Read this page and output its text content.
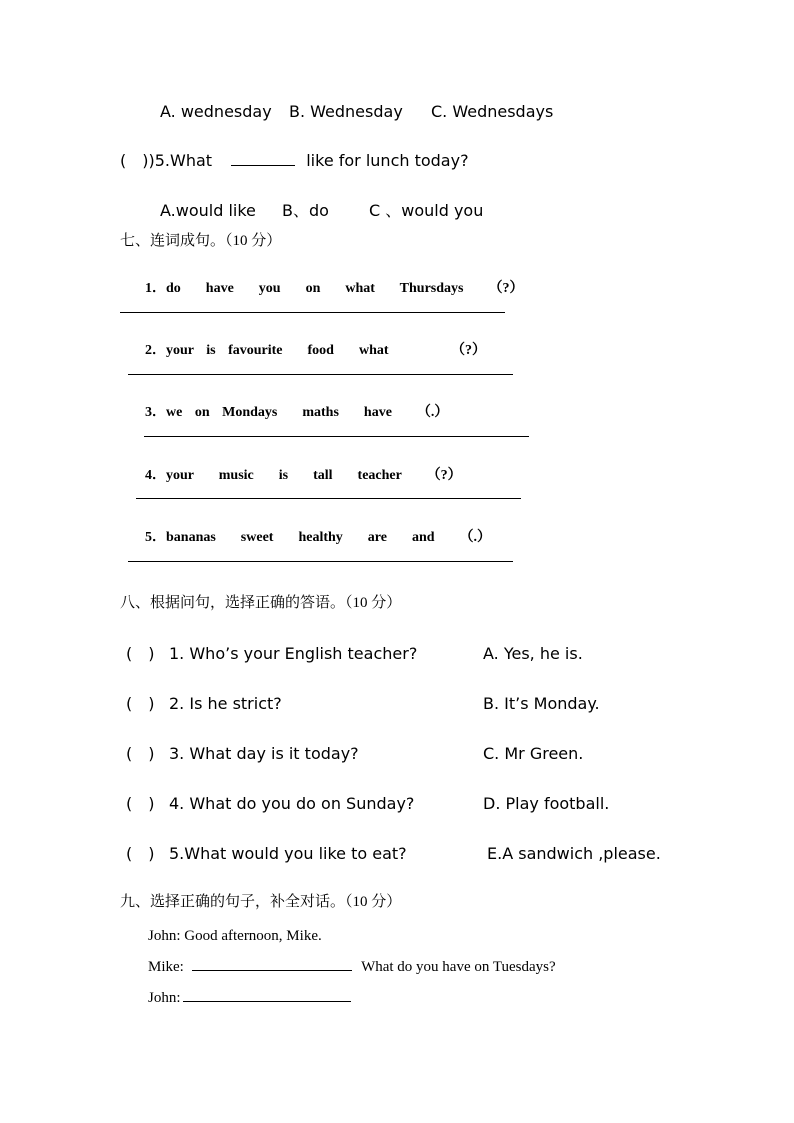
A. wednesday B. Wednesday C. Wednesdays
(　))5.What	like for lunch today?
A.would like B、do	C 、would you
七、连词成句。（10 分）

1．do  have  you  on  what  Thursdays  （?）

2．your is favourite  food  what     （?）

3．we on Mondays  maths  have  （.）

4．your  music  is  tall  teacher  （?）

5．bananas  sweet  healthy  are  and  （.）

八、根据问句，选择正确的答语。（10 分）
(　) 1. Who’s your English teacher?	A. Yes, he is.
(　) 2. Is he strict?	B. It’s Monday.
(　) 3. What day is it today?	C. Mr Green.
(　) 4. What do you do on Sunday?	D. Play football.
(　) 5.What would you like to eat?	E.A sandwich ,please.
九、选择正确的句子，补全对话。（10 分）
John: Good afternoon, Mike.
Mike:	What do you have on Tuesdays?
John:
